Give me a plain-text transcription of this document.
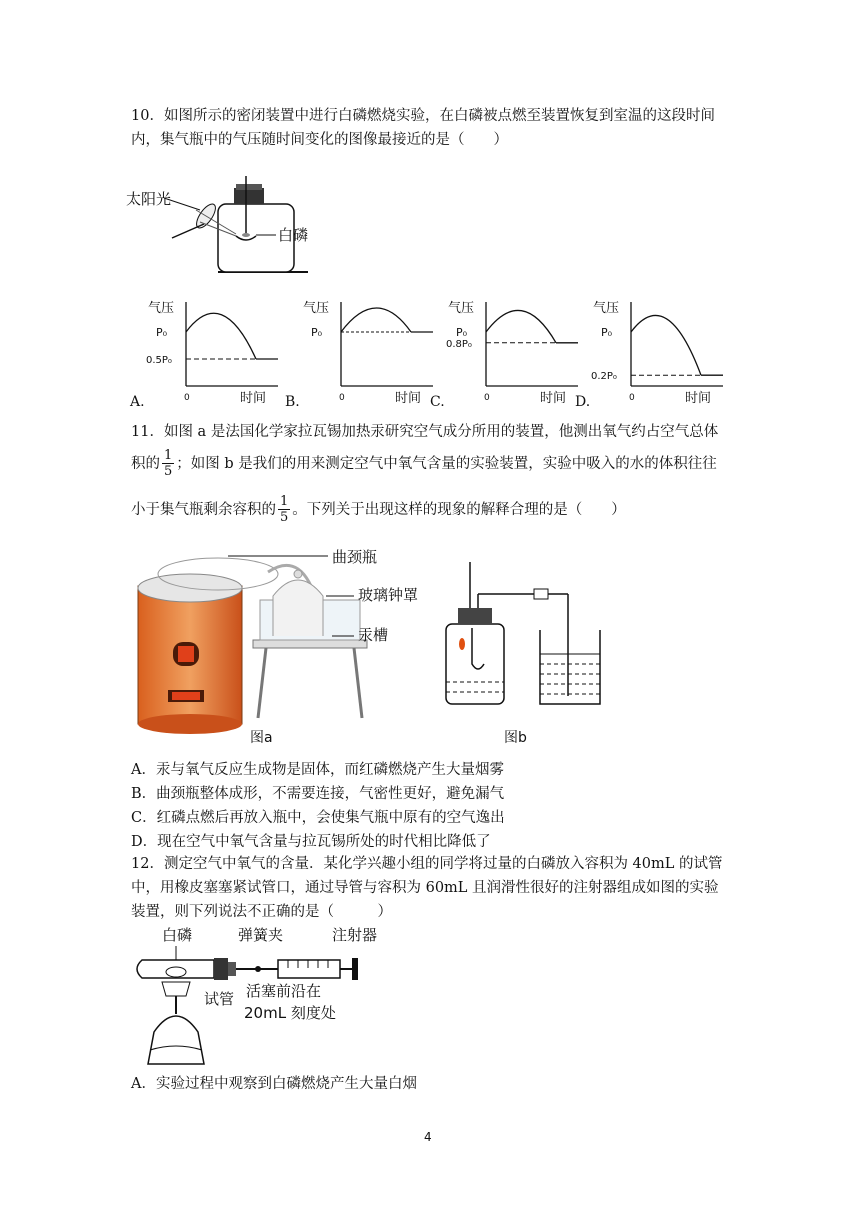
10．如图所示的密闭装置中进行白磷燃烧实验，在白磷被点燃至装置恢复到室温的这段时间
内，集气瓶中的气压随时间变化的图像最接近的是（　　）
太阳光
白磷
A.
气压
P₀
0.5P₀
0	时间 B.
气压
P₀
0	时间 C.
气压
P₀
0.8P₀
0	时间 D.
气压
P₀
0.2P₀
0	时间
11．如图 a 是法国化学家拉瓦锡加热汞研究空气成分所用的装置，他测出氧气约占空气总体
积的 $\frac{1}{5}$ ；如图 b 是我们的用来测定空气中氧气含量的实验装置，实验中吸入的水的体积往往
小于集气瓶剩余容积的 $\frac{1}{5}$ 。下列关于出现这样的现象的解释合理的是（　　）
曲颈瓶
玻璃钟罩
汞槽
图a	图b
A．汞与氧气反应生成物是固体，而红磷燃烧产生大量烟雾
B．曲颈瓶整体成形，不需要连接，气密性更好，避免漏气
C．红磷点燃后再放入瓶中，会使集气瓶中原有的空气逸出
D．现在空气中氧气含量与拉瓦锡所处的时代相比降低了
12．测定空气中氧气的含量．某化学兴趣小组的同学将过量的白磷放入容积为 40mL 的试管
中，用橡皮塞塞紧试管口，通过导管与容积为 60mL 且润滑性很好的注射器组成如图的实验
装置，则下列说法不正确的是（　　　）
白磷	弹簧夹	注射器
试管 活塞前沿在
20mL 刻度处
A．实验过程中观察到白磷燃烧产生大量白烟
4
